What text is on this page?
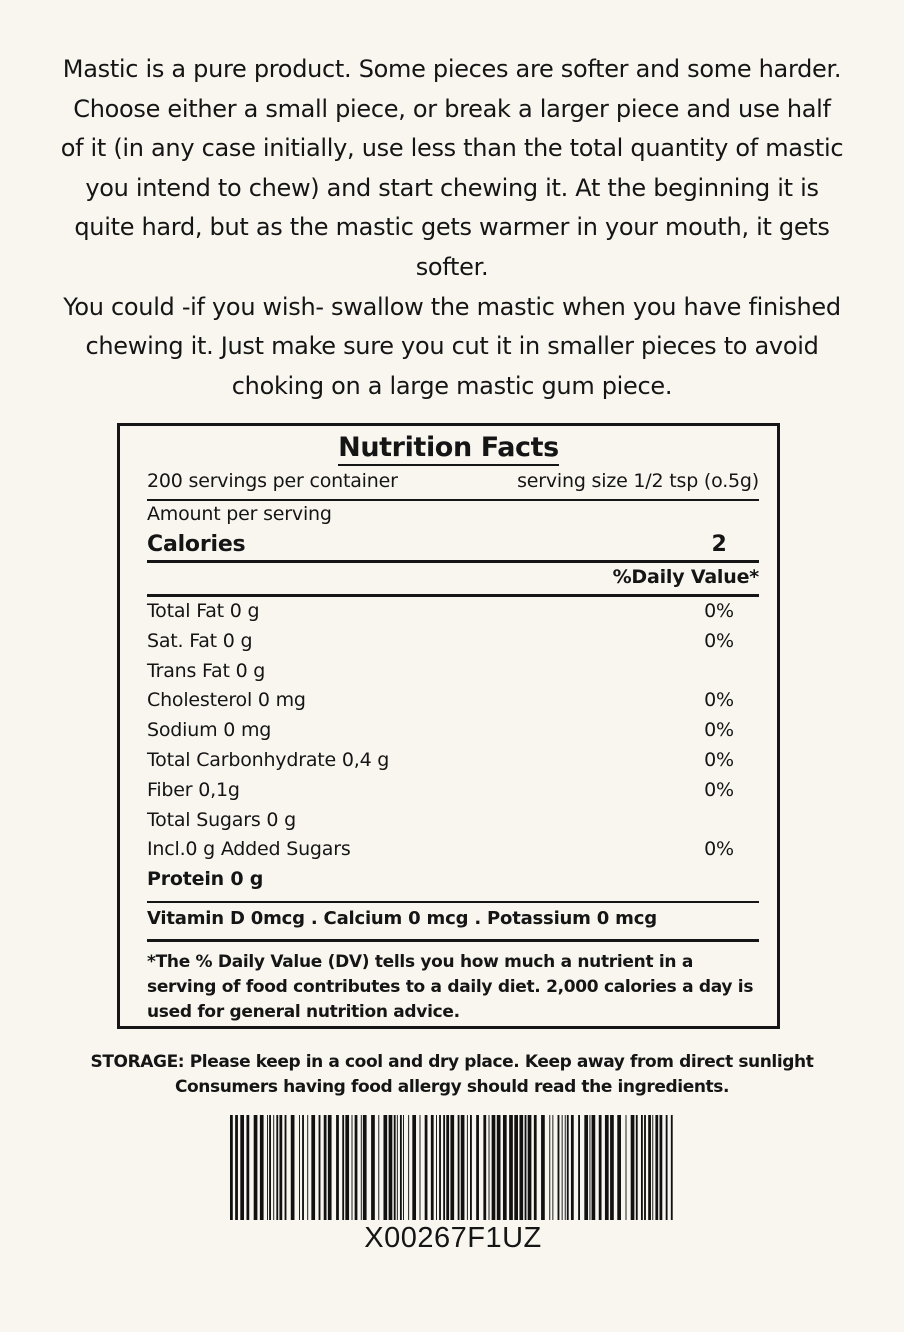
Mastic is a pure product. Some pieces are softer and some harder. Choose either a small piece, or break a larger piece and use half of it (in any case initially, use less than the total quantity of mastic you intend to chew) and start chewing it. At the beginning it is quite hard, but as the mastic gets warmer in your mouth, it gets softer.

You could -if you wish- swallow the mastic when you have finished chewing it. Just make sure you cut it in smaller pieces to avoid choking on a large mastic gum piece.

Nutrition Facts
200 servings per container	serving size 1/2 tsp (o.5g)
Amount per serving
Calories	2
%Daily Value*
Total Fat 0 g	0%
Sat. Fat 0 g	0%
Trans Fat 0 g
Cholesterol 0 mg	0%
Sodium 0 mg	0%
Total Carbonhydrate 0,4 g	0%
Fiber 0,1g	0%
Total Sugars 0 g
Incl.0 g Added Sugars	0%
Protein 0 g
Vitamin D 0mcg . Calcium 0 mcg . Potassium 0 mcg
*The % Daily Value (DV) tells you how much a nutrient in a serving of food contributes to a daily diet. 2,000 calories a day is used for general nutrition advice.

STORAGE: Please keep in a cool and dry place. Keep away from direct sunlight

Consumers having food allergy should read the ingredients.

X00267F1UZ
